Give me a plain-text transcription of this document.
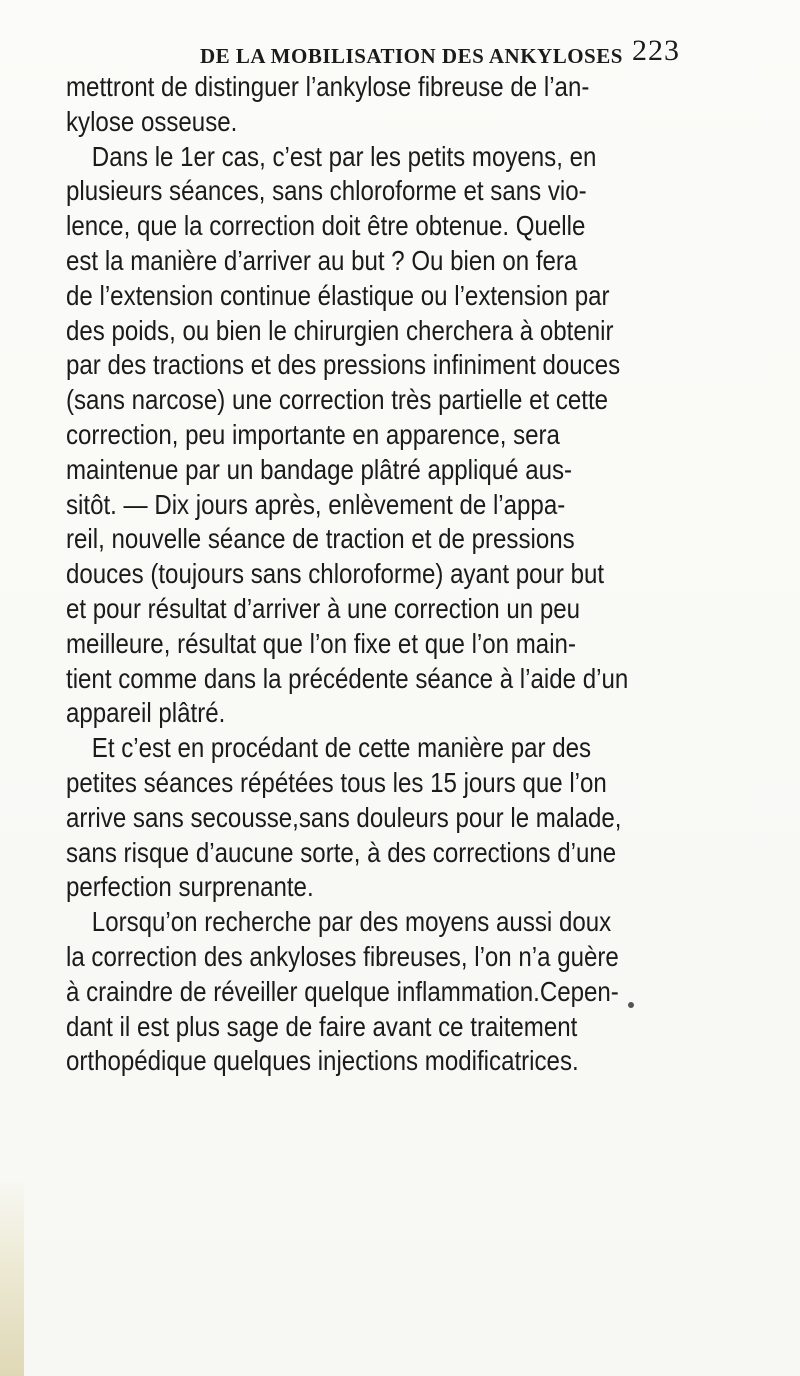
DE LA MOBILISATION DES ANKYLOSES 223
mettront de distinguer l’ankylose fibreuse de l’an-
kylose osseuse.
Dans le 1er cas, c’est par les petits moyens, en
plusieurs séances, sans chloroforme et sans vio-
lence, que la correction doit être obtenue. Quelle
est la manière d’arriver au but ? Ou bien on fera
de l’extension continue élastique ou l’extension par
des poids, ou bien le chirurgien cherchera à obtenir
par des tractions et des pressions infiniment douces
(sans narcose) une correction très partielle et cette
correction, peu importante en apparence, sera
maintenue par un bandage plâtré appliqué aus-
sitôt. — Dix jours après, enlèvement de l’appa-
reil, nouvelle séance de traction et de pressions
douces (toujours sans chloroforme) ayant pour but
et pour résultat d’arriver à une correction un peu
meilleure, résultat que l’on fixe et que l’on main-
tient comme dans la précédente séance à l’aide d’un
appareil plâtré.
Et c’est en procédant de cette manière par des
petites séances répétées tous les 15 jours que l’on
arrive sans secousse,sans douleurs pour le malade,
sans risque d’aucune sorte, à des corrections d’une
perfection surprenante.
Lorsqu’on recherche par des moyens aussi doux
la correction des ankyloses fibreuses, l’on n’a guère
à craindre de réveiller quelque inflammation.Cepen-
dant il est plus sage de faire avant ce traitement
orthopédique quelques injections modificatrices.
